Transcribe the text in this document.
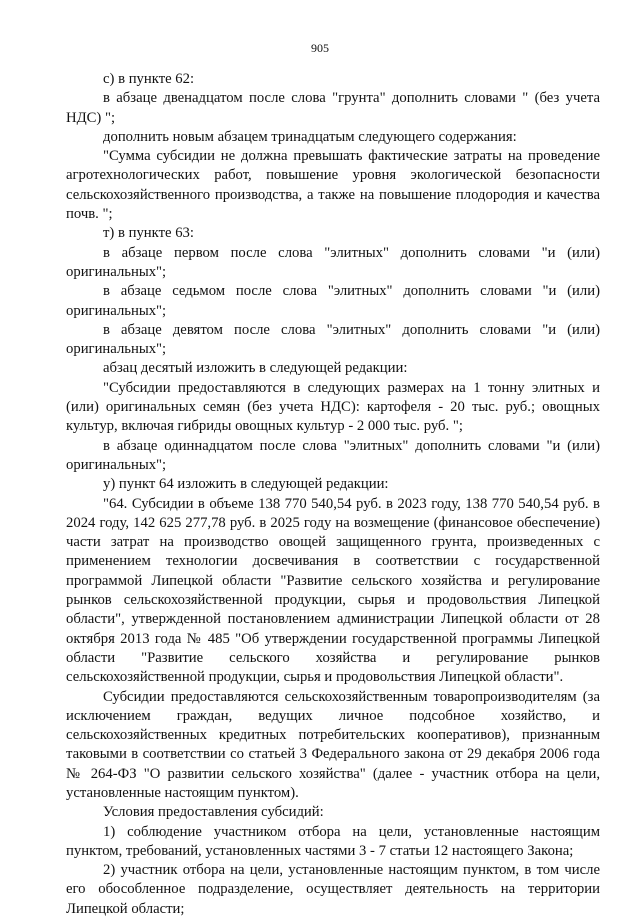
905

с) в пункте 62:

в абзаце двенадцатом после слова "грунта" дополнить словами " (без учета НДС) ";

дополнить новым абзацем тринадцатым следующего содержания:

"Сумма субсидии не должна превышать фактические затраты на проведение агротехнологических работ, повышение уровня экологической безопасности сельскохозяйственного производства, а также на повышение плодородия и качества почв. ";

т) в пункте 63:

в абзаце первом после слова "элитных" дополнить словами "и (или) оригинальных";

в абзаце седьмом после слова "элитных" дополнить словами "и (или) оригинальных";

в абзаце девятом после слова "элитных" дополнить словами "и (или) оригинальных";

абзац десятый изложить в следующей редакции:

"Субсидии предоставляются в следующих размерах на 1 тонну элитных и (или) оригинальных семян (без учета НДС): картофеля - 20 тыс. руб.; овощных культур, включая гибриды овощных культур - 2 000 тыс. руб. ";

в абзаце одиннадцатом после слова "элитных" дополнить словами "и (или) оригинальных";

у) пункт 64 изложить в следующей редакции:

"64. Субсидии в объеме 138 770 540,54 руб. в 2023 году, 138 770 540,54 руб. в 2024 году, 142 625 277,78 руб. в 2025 году на возмещение (финансовое обеспечение) части затрат на производство овощей защищенного грунта, произведенных с применением технологии досвечивания в соответствии с государственной программой Липецкой области "Развитие сельского хозяйства и регулирование рынков сельскохозяйственной продукции, сырья и продовольствия Липецкой области", утвержденной постановлением администрации Липецкой области от 28 октября 2013 года № 485 "Об утверждении государственной программы Липецкой области "Развитие сельского хозяйства и регулирование рынков сельскохозяйственной продукции, сырья и продовольствия Липецкой области".

Субсидии предоставляются сельскохозяйственным товаропроизводителям (за исключением граждан, ведущих личное подсобное хозяйство, и сельскохозяйственных кредитных потребительских кооперативов), признанным таковыми в соответствии со статьей 3 Федерального закона от 29 декабря 2006 года № 264-ФЗ "О развитии сельского хозяйства" (далее - участник отбора на цели, установленные настоящим пунктом).

Условия предоставления субсидий:

1) соблюдение участником отбора на цели, установленные настоящим пунктом, требований, установленных частями 3 - 7 статьи 12 настоящего Закона;

2) участник отбора на цели, установленные настоящим пунктом, в том числе его обособленное подразделение, осуществляет деятельность на территории Липецкой области;
